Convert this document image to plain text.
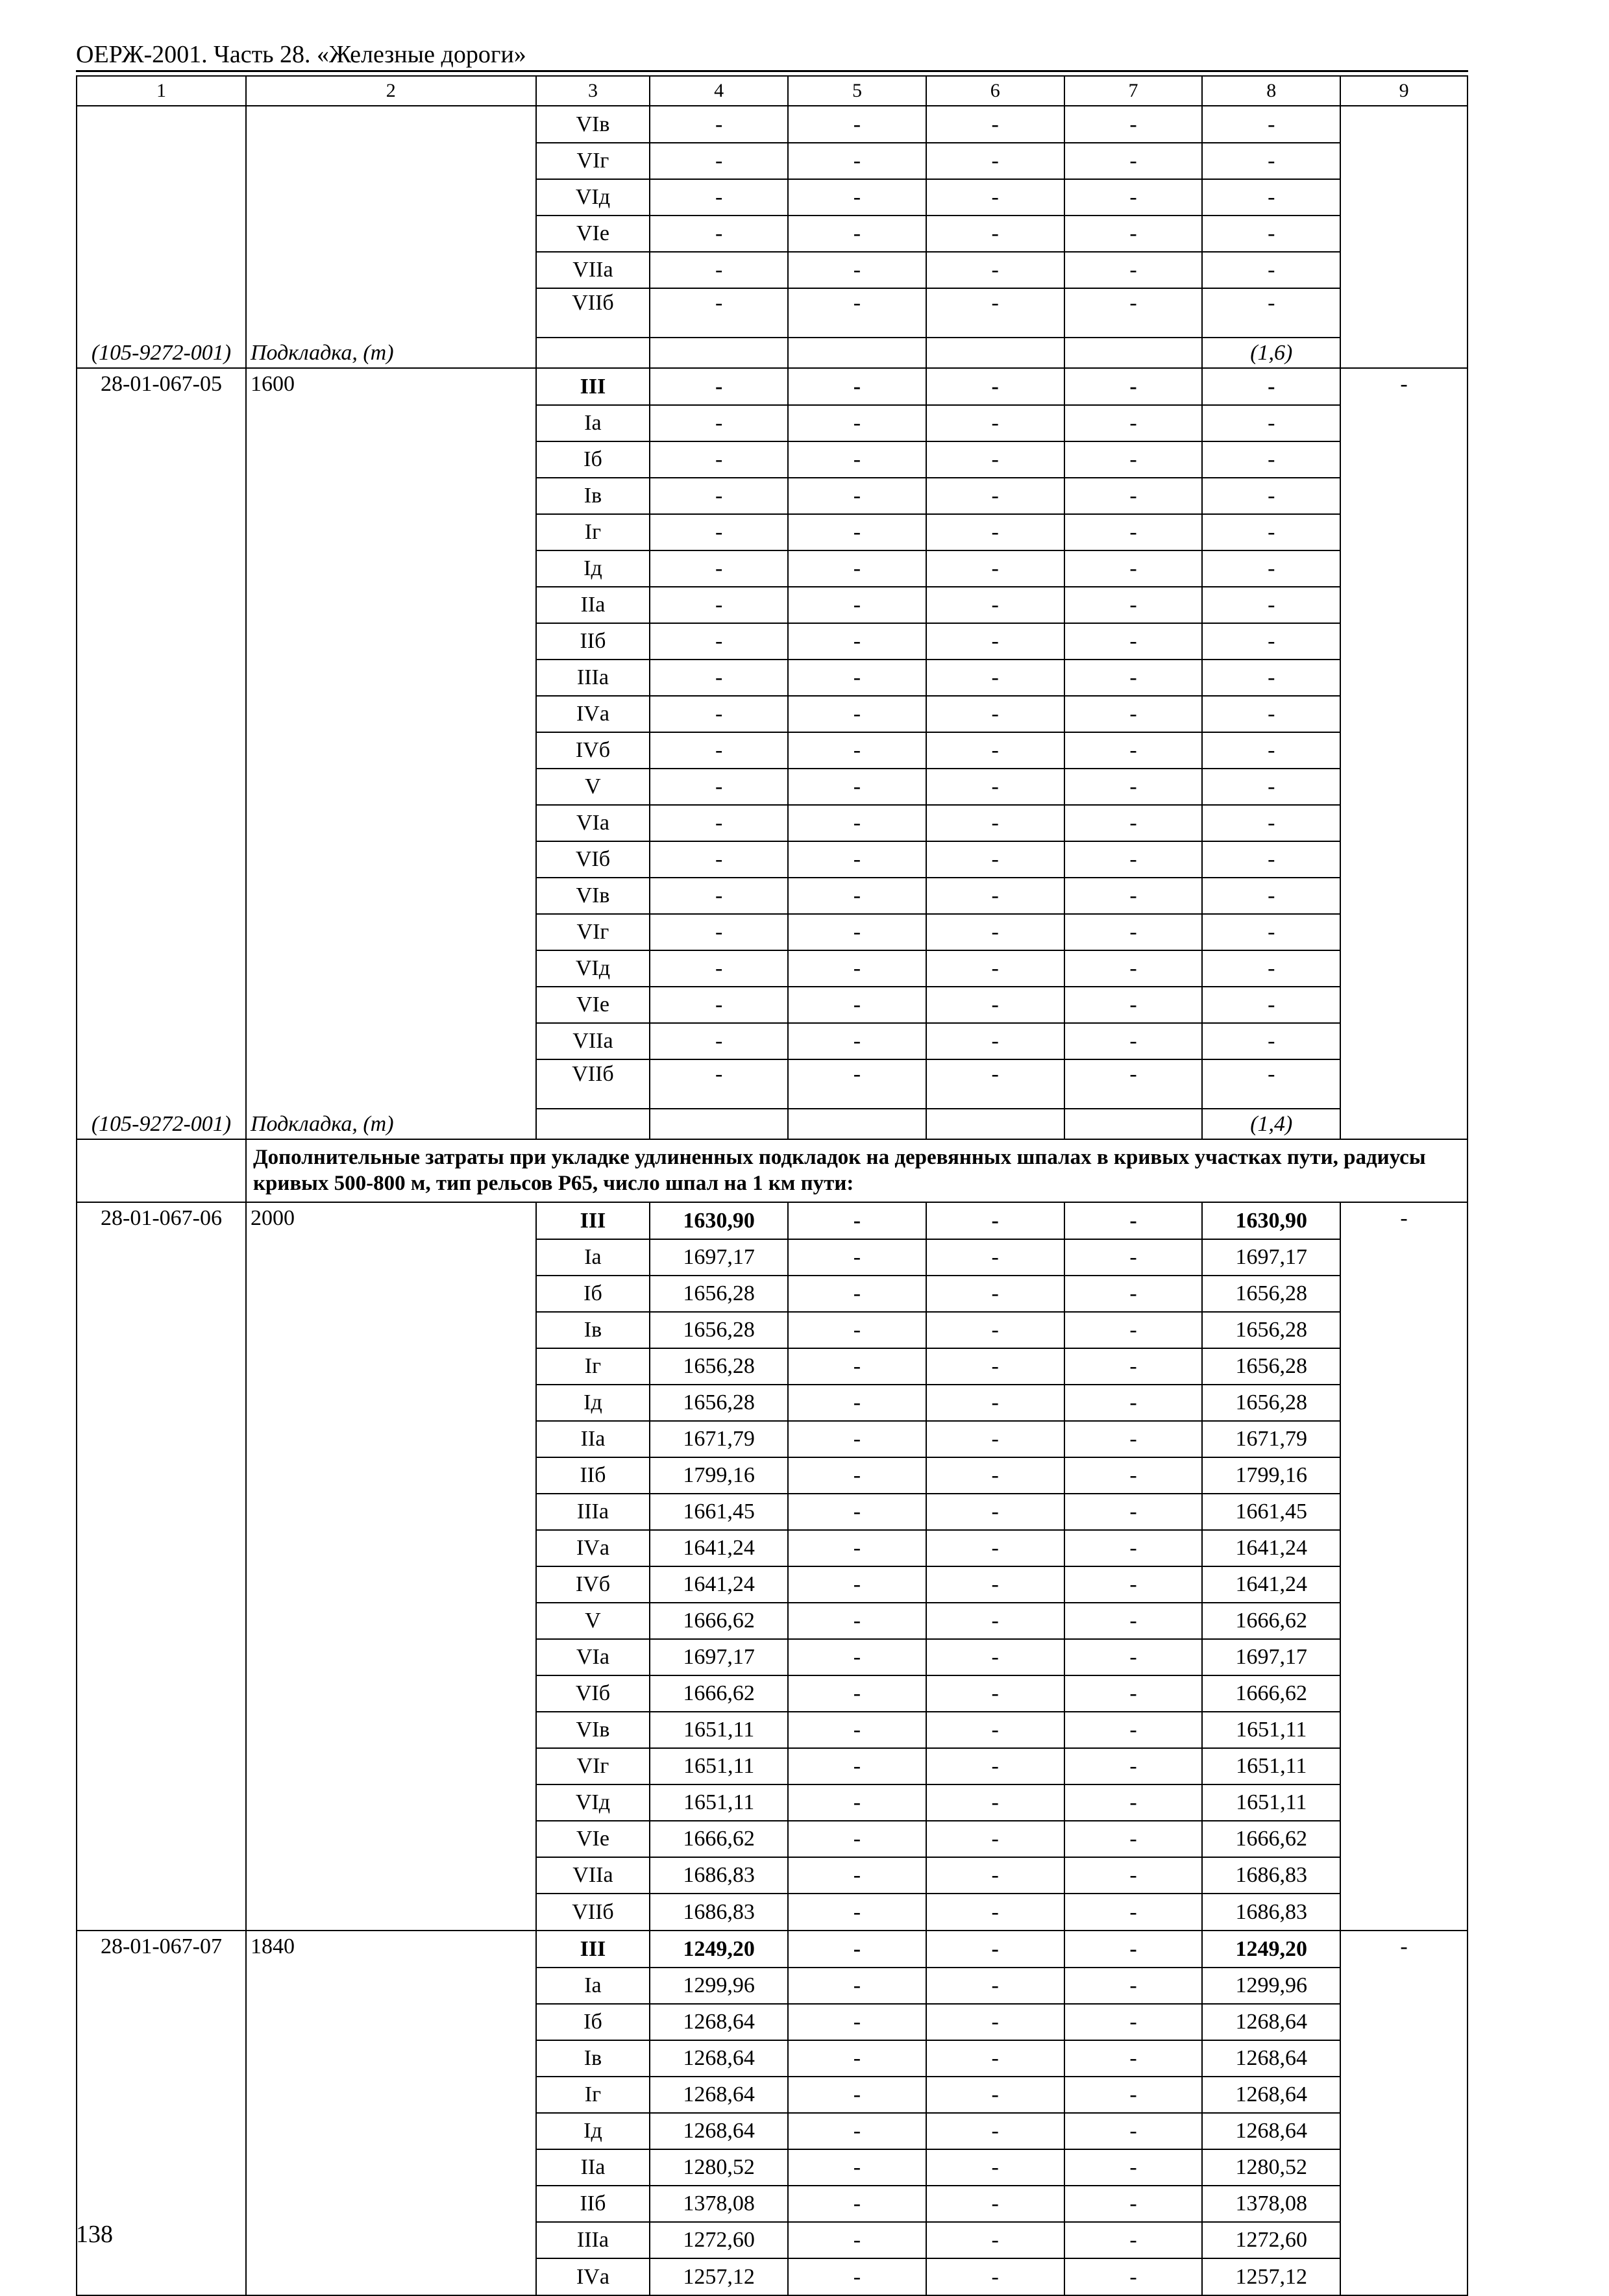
ОЕРЖ-2001. Часть 28. «Железные дороги»
1	2	3	4	5	6	7	8	9
		VIв	-	-	-	-	-	
		VIг	-	-	-	-	-	
		VIд	-	-	-	-	-	
		VIе	-	-	-	-	-	
		VIIа	-	-	-	-	-	
		VIIб	-	-	-	-	-	
(105-9272-001)	Подкладка, (т)						(1,6)	
28-01-067-05	1600	III	-	-	-	-	-	-
		Iа	-	-	-	-	-	
		Iб	-	-	-	-	-	
		Iв	-	-	-	-	-	
		Iг	-	-	-	-	-	
		Iд	-	-	-	-	-	
		IIа	-	-	-	-	-	
		IIб	-	-	-	-	-	
		IIIа	-	-	-	-	-	
		IVа	-	-	-	-	-	
		IVб	-	-	-	-	-	
		V	-	-	-	-	-	
		VIа	-	-	-	-	-	
		VIб	-	-	-	-	-	
		VIв	-	-	-	-	-	
		VIг	-	-	-	-	-	
		VIд	-	-	-	-	-	
		VIе	-	-	-	-	-	
		VIIа	-	-	-	-	-	
		VIIб	-	-	-	-	-	
(105-9272-001)	Подкладка, (т)						(1,4)	
	Дополнительные затраты при укладке удлиненных подкладок на деревянных шпалах в кривых участках пути, радиусы кривых 500-800 м, тип рельсов Р65, число шпал на 1 км пути:							
28-01-067-06	2000	III	1630,90	-	-	-	1630,90	-
		Iа	1697,17	-	-	-	1697,17	
		Iб	1656,28	-	-	-	1656,28	
		Iв	1656,28	-	-	-	1656,28	
		Iг	1656,28	-	-	-	1656,28	
		Iд	1656,28	-	-	-	1656,28	
		IIа	1671,79	-	-	-	1671,79	
		IIб	1799,16	-	-	-	1799,16	
		IIIа	1661,45	-	-	-	1661,45	
		IVа	1641,24	-	-	-	1641,24	
		IVб	1641,24	-	-	-	1641,24	
		V	1666,62	-	-	-	1666,62	
		VIа	1697,17	-	-	-	1697,17	
		VIб	1666,62	-	-	-	1666,62	
		VIв	1651,11	-	-	-	1651,11	
		VIг	1651,11	-	-	-	1651,11	
		VIд	1651,11	-	-	-	1651,11	
		VIе	1666,62	-	-	-	1666,62	
		VIIа	1686,83	-	-	-	1686,83	
		VIIб	1686,83	-	-	-	1686,83	
28-01-067-07	1840	III	1249,20	-	-	-	1249,20	-
		Iа	1299,96	-	-	-	1299,96	
		Iб	1268,64	-	-	-	1268,64	
		Iв	1268,64	-	-	-	1268,64	
		Iг	1268,64	-	-	-	1268,64	
		Iд	1268,64	-	-	-	1268,64	
		IIа	1280,52	-	-	-	1280,52	
		IIб	1378,08	-	-	-	1378,08	
		IIIа	1272,60	-	-	-	1272,60	
		IVа	1257,12	-	-	-	1257,12	
138
